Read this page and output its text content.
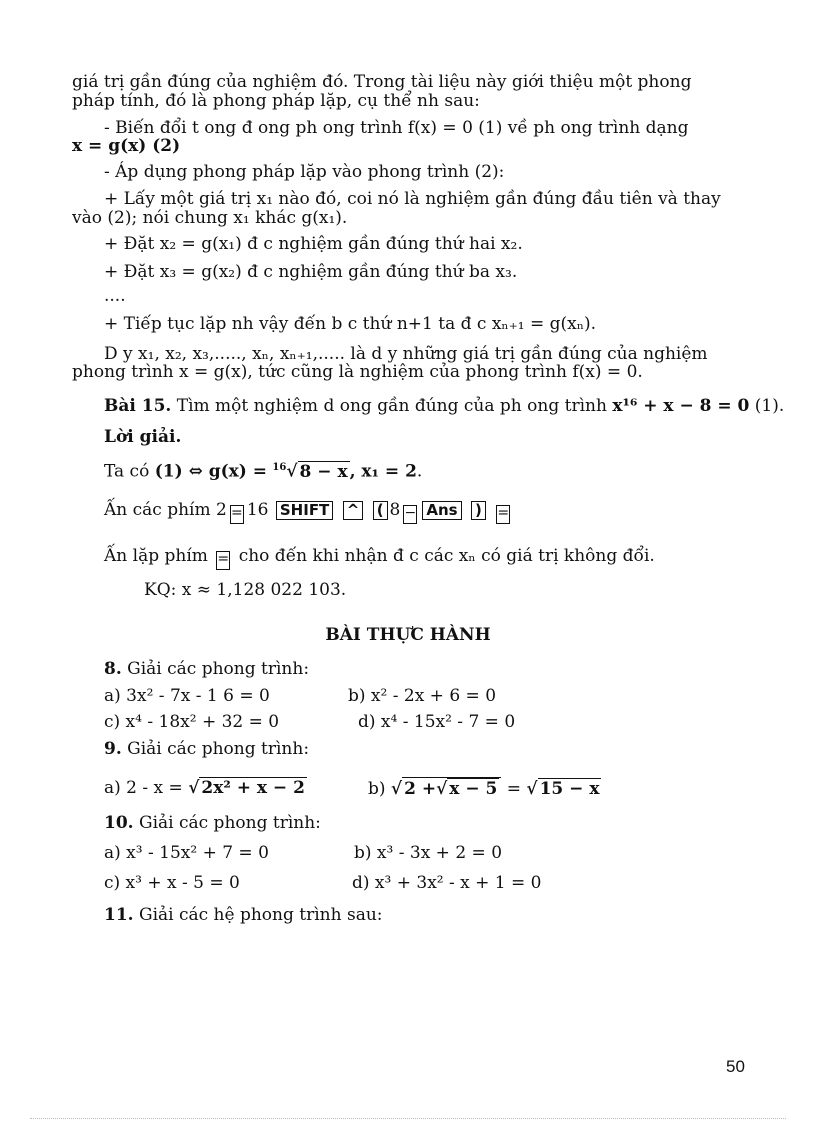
giá trị gần đúng của nghiệm đó. Trong tài liệu này giới thiệu một phong
pháp tính, đó là phong pháp lặp, cụ thể nh sau:
- Biến đổi t ong đ ong ph ong trình f(x) = 0 (1) về ph ong trình dạng
x = g(x) (2)
- Áp dụng phong pháp lặp vào phong trình (2):
+ Lấy một giá trị x₁ nào đó, coi nó là nghiệm gần đúng đầu tiên và thay
vào (2); nói chung x₁ khác g(x₁).
+ Đặt x₂ = g(x₁) đ c nghiệm gần đúng thứ hai x₂.
+ Đặt x₃ = g(x₂) đ c nghiệm gần đúng thứ ba x₃.
....
+ Tiếp tục lặp nh vậy đến b c thứ n+1 ta đ c xₙ₊₁ = g(xₙ).
D y x₁, x₂, x₃,....., xₙ, xₙ₊₁,..... là d y những giá trị gần đúng của nghiệm
phong trình x = g(x), tức cũng là nghiệm của phong trình f(x) = 0.
Bài 15. Tìm một nghiệm d ong gần đúng của ph ong trình x¹⁶ + x − 8 = 0 (1).
Lời giải.
Ta có (1) ⇔ g(x) = $^{16}$√ 8 − x , x₁ = 2.
Ấn các phím 2 = 16 SHIFT ^ ( 8 − Ans ) =
Ấn lặp phím = cho đến khi nhận đ c các xₙ có giá trị không đổi.
KQ: x ≈ 1,128 022 103.
BÀI THỰC HÀNH
8. Giải các phong trình:
a) 3x² - 7x - 1 6 = 0	b) x² - 2x + 6 = 0
c) x⁴ - 18x² + 32 = 0	d) x⁴ - 15x² - 7 = 0
9. Giải các phong trình:
a) 2 - x = √ 2x² + x − 2	b) √ 2 +√ x − 5 = √ 15 − x
10. Giải các phong trình:
a) x³ - 15x² + 7 = 0	b) x³ - 3x + 2 = 0
c) x³ + x - 5 = 0	d) x³ + 3x² - x + 1 = 0
11. Giải các hệ phong trình sau:
50
